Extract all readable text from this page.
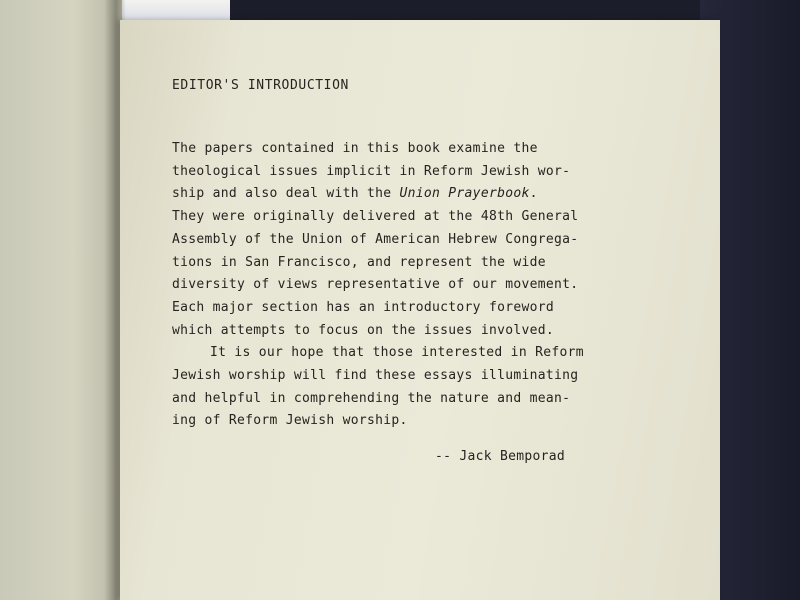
EDITOR'S INTRODUCTION
The papers contained in this book examine the
theological issues implicit in Reform Jewish wor-
ship and also deal with the Union Prayerbook.
They were originally delivered at the 48th General
Assembly of the Union of American Hebrew Congrega-
tions in San Francisco, and represent the wide
diversity of views representative of our movement.
Each major section has an introductory foreword
which attempts to focus on the issues involved.
It is our hope that those interested in Reform
Jewish worship will find these essays illuminating
and helpful in comprehending the nature and mean-
ing of Reform Jewish worship.
-- Jack Bemporad
